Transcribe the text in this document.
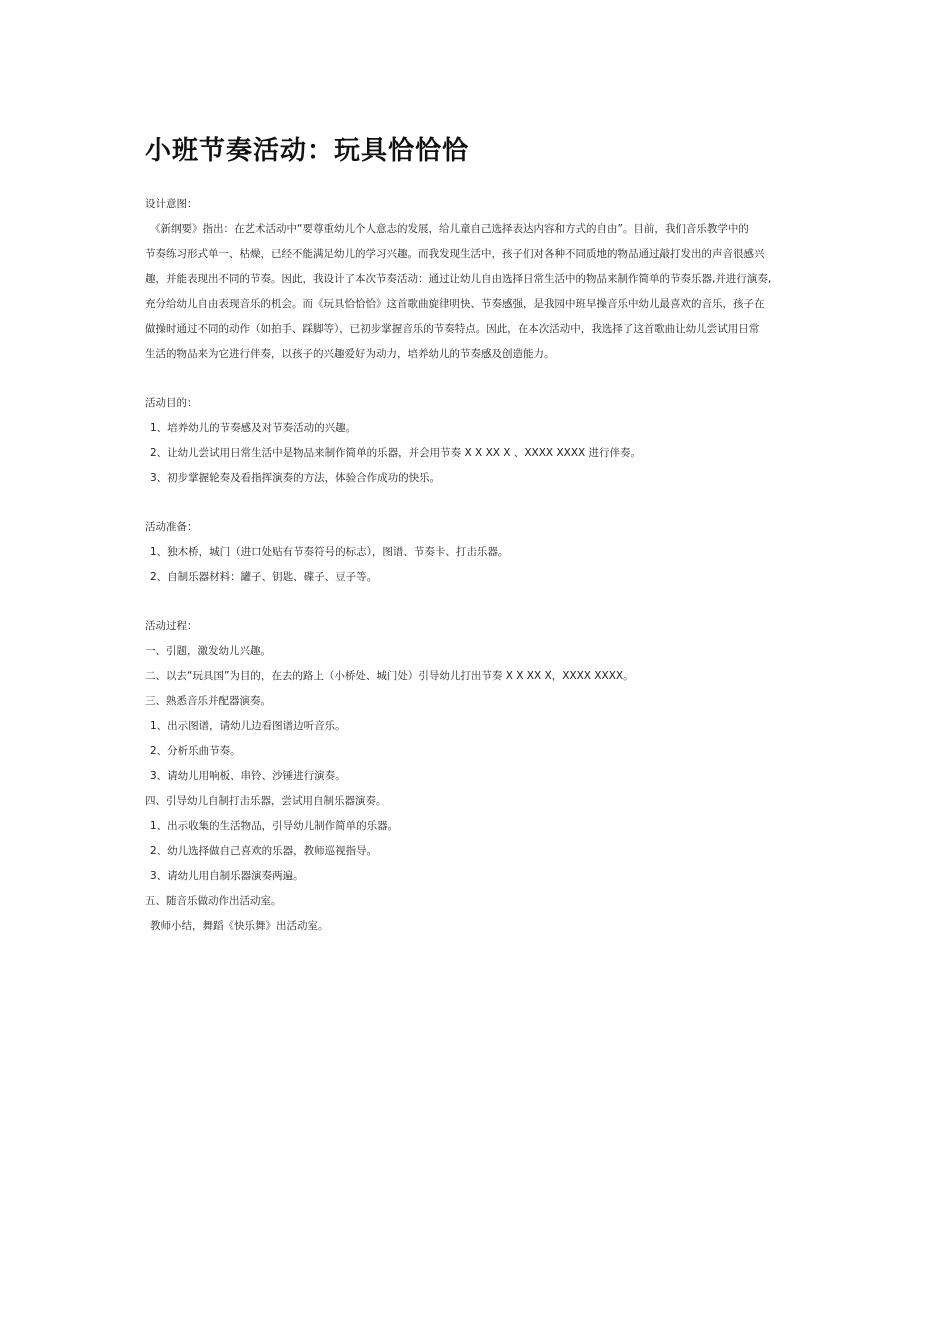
小班节奏活动：玩具恰恰恰
设计意图：
《新纲要》指出：在艺术活动中“要尊重幼儿个人意志的发展，给儿童自己选择表达内容和方式的自由”。目前，我们音乐教学中的
节奏练习形式单一、枯燥，已经不能满足幼儿的学习兴趣。而我发现生活中，孩子们对各种不同质地的物品通过敲打发出的声音很感兴
趣，并能表现出不同的节奏。因此，我设计了本次节奏活动：通过让幼儿自由选择日常生活中的物品来制作简单的节奏乐器,并进行演奏,
充分给幼儿自由表现音乐的机会。而《玩具恰恰恰》这首歌曲旋律明快、节奏感强，是我园中班早操音乐中幼儿最喜欢的音乐，孩子在
做操时通过不同的动作（如拍手、踩脚等），已初步掌握音乐的节奏特点。因此，在本次活动中，我选择了这首歌曲让幼儿尝试用日常
生活的物品来为它进行伴奏，以孩子的兴趣爱好为动力，培养幼儿的节奏感及创造能力。
活动目的：
1、培养幼儿的节奏感及对节奏活动的兴趣。
2、让幼儿尝试用日常生活中是物品来制作简单的乐器，并会用节奏 X X XX X 、XXXX XXXX 进行伴奏。
3、初步掌握轮奏及看指挥演奏的方法，体验合作成功的快乐。
活动准备：
1、独木桥，城门（进口处贴有节奏符号的标志），图谱、节奏卡、打击乐器。
2、自制乐器材料：罐子、钥匙、碟子、豆子等。
活动过程：
一、引题，激发幼儿兴趣。
二、以去“玩具国”为目的，在去的路上（小桥处、城门处）引导幼儿打出节奏 X X XX X，XXXX XXXX。
三、熟悉音乐并配器演奏。
1、出示图谱，请幼儿边看图谱边听音乐。
2、分析乐曲节奏。
3、请幼儿用响板、串铃、沙锤进行演奏。
四、引导幼儿自制打击乐器，尝试用自制乐器演奏。
1、出示收集的生活物品，引导幼儿制作简单的乐器。
2、幼儿选择做自己喜欢的乐器，教师巡视指导。
3、请幼儿用自制乐器演奏两遍。
五、随音乐做动作出活动室。
教师小结，舞蹈《快乐舞》出活动室。
